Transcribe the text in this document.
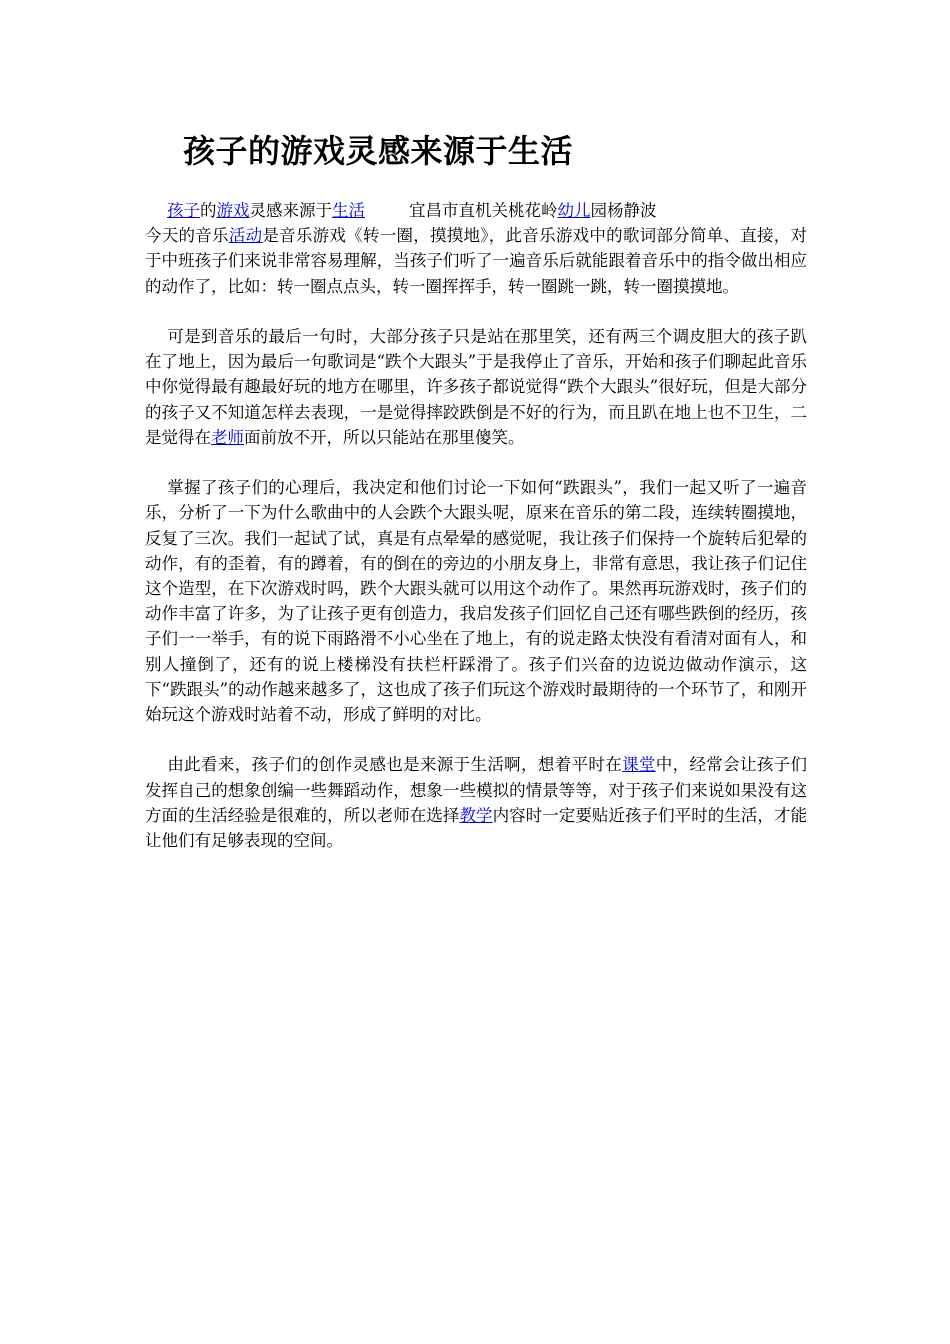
孩子的游戏灵感来源于生活

孩子的游戏灵感来源于生活	宜昌市直机关桃花岭幼儿园杨静波

今天的音乐活动是音乐游戏《转一圈，摸摸地》，此音乐游戏中的歌词部分简单、直接，对于中班孩子们来说非常容易理解，当孩子们听了一遍音乐后就能跟着音乐中的指令做出相应的动作了，比如：转一圈点点头，转一圈挥挥手，转一圈跳一跳，转一圈摸摸地。

可是到音乐的最后一句时，大部分孩子只是站在那里笑，还有两三个调皮胆大的孩子趴在了地上，因为最后一句歌词是“跌个大跟头”于是我停止了音乐，开始和孩子们聊起此音乐中你觉得最有趣最好玩的地方在哪里，许多孩子都说觉得“跌个大跟头”很好玩，但是大部分的孩子又不知道怎样去表现，一是觉得摔跤跌倒是不好的行为，而且趴在地上也不卫生，二是觉得在老师面前放不开，所以只能站在那里傻笑。

掌握了孩子们的心理后，我决定和他们讨论一下如何“跌跟头”，我们一起又听了一遍音乐，分析了一下为什么歌曲中的人会跌个大跟头呢，原来在音乐的第二段，连续转圈摸地，反复了三次。我们一起试了试，真是有点晕晕的感觉呢，我让孩子们保持一个旋转后犯晕的动作，有的歪着，有的蹲着，有的倒在的旁边的小朋友身上，非常有意思，我让孩子们记住这个造型，在下次游戏时吗，跌个大跟头就可以用这个动作了。果然再玩游戏时，孩子们的动作丰富了许多，为了让孩子更有创造力，我启发孩子们回忆自己还有哪些跌倒的经历，孩子们一一举手，有的说下雨路滑不小心坐在了地上，有的说走路太快没有看清对面有人，和别人撞倒了，还有的说上楼梯没有扶栏杆踩滑了。孩子们兴奋的边说边做动作演示，这下“跌跟头”的动作越来越多了，这也成了孩子们玩这个游戏时最期待的一个环节了，和刚开始玩这个游戏时站着不动，形成了鲜明的对比。

由此看来，孩子们的创作灵感也是来源于生活啊，想着平时在课堂中，经常会让孩子们发挥自己的想象创编一些舞蹈动作，想象一些模拟的情景等等，对于孩子们来说如果没有这方面的生活经验是很难的，所以老师在选择教学内容时一定要贴近孩子们平时的生活，才能让他们有足够表现的空间。
